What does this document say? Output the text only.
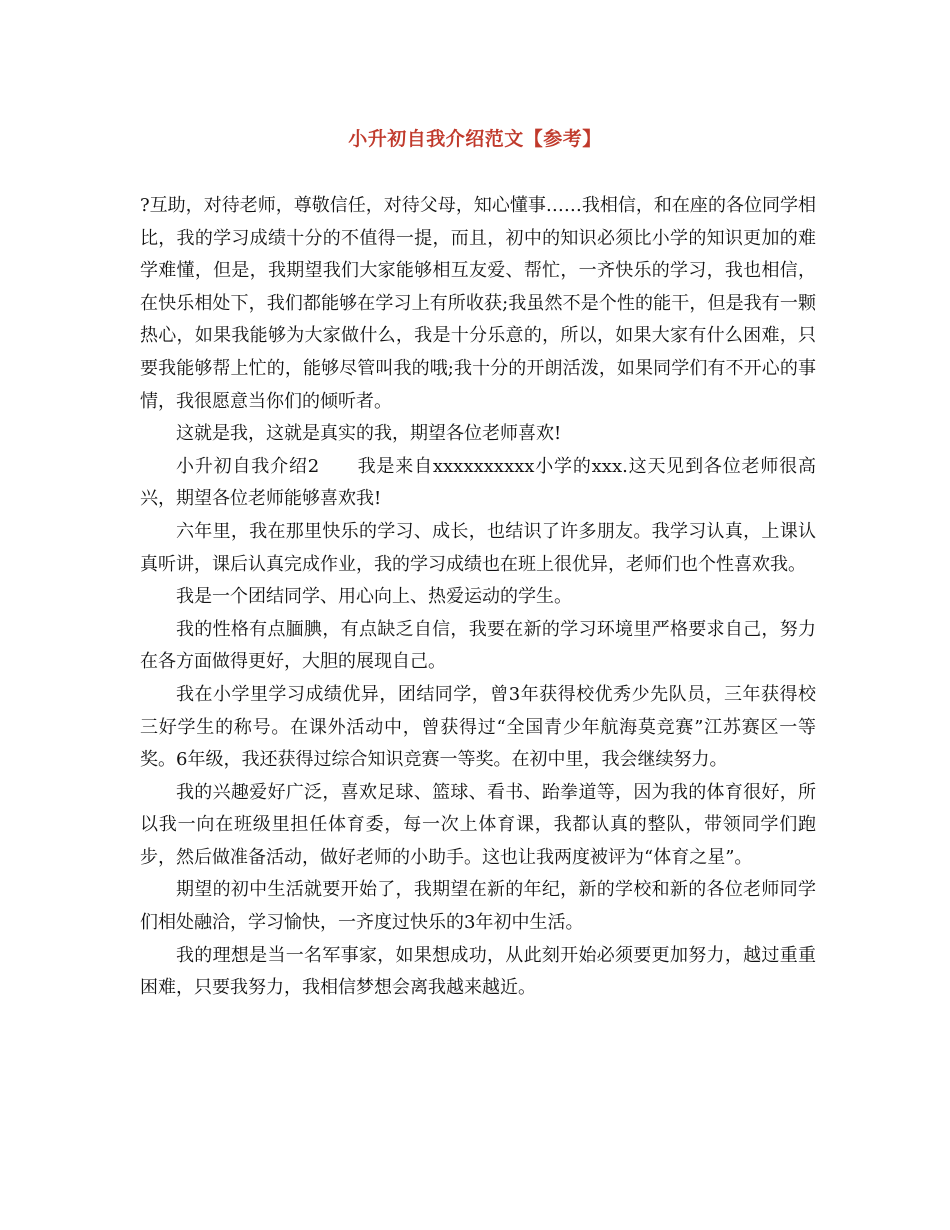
小升初自我介绍范文【参考】

?互助，对待老师，尊敬信任，对待父母，知心懂事……我相信，和在座的各位同学相比，我的学习成绩十分的不值得一提，而且，初中的知识必须比小学的知识更加的难学难懂，但是，我期望我们大家能够相互友爱、帮忙，一齐快乐的学习，我也相信，在快乐相处下，我们都能够在学习上有所收获;我虽然不是个性的能干，但是我有一颗热心，如果我能够为大家做什么，我是十分乐意的，所以，如果大家有什么困难，只要我能够帮上忙的，能够尽管叫我的哦;我十分的开朗活泼，如果同学们有不开心的事情，我很愿意当你们的倾听者。

这就是我，这就是真实的我，期望各位老师喜欢!

小升初自我介绍2　　我是来自xxxxxxxxxx小学的xxx.这天见到各位老师很高兴，期望各位老师能够喜欢我!

六年里，我在那里快乐的学习、成长，也结识了许多朋友。我学习认真，上课认真听讲，课后认真完成作业，我的学习成绩也在班上很优异，老师们也个性喜欢我。

我是一个团结同学、用心向上、热爱运动的学生。

我的性格有点腼腆，有点缺乏自信，我要在新的学习环境里严格要求自己，努力在各方面做得更好，大胆的展现自己。

我在小学里学习成绩优异，团结同学，曾3年获得校优秀少先队员，三年获得校三好学生的称号。在课外活动中，曾获得过“全国青少年航海莫竞赛”江苏赛区一等奖。6年级，我还获得过综合知识竞赛一等奖。在初中里，我会继续努力。

我的兴趣爱好广泛，喜欢足球、篮球、看书、跆拳道等，因为我的体育很好，所以我一向在班级里担任体育委，每一次上体育课，我都认真的整队，带领同学们跑步，然后做准备活动，做好老师的小助手。这也让我两度被评为“体育之星”。

期望的初中生活就要开始了，我期望在新的年纪，新的学校和新的各位老师同学们相处融洽，学习愉快，一齐度过快乐的3年初中生活。

我的理想是当一名军事家，如果想成功，从此刻开始必须要更加努力，越过重重困难，只要我努力，我相信梦想会离我越来越近。
